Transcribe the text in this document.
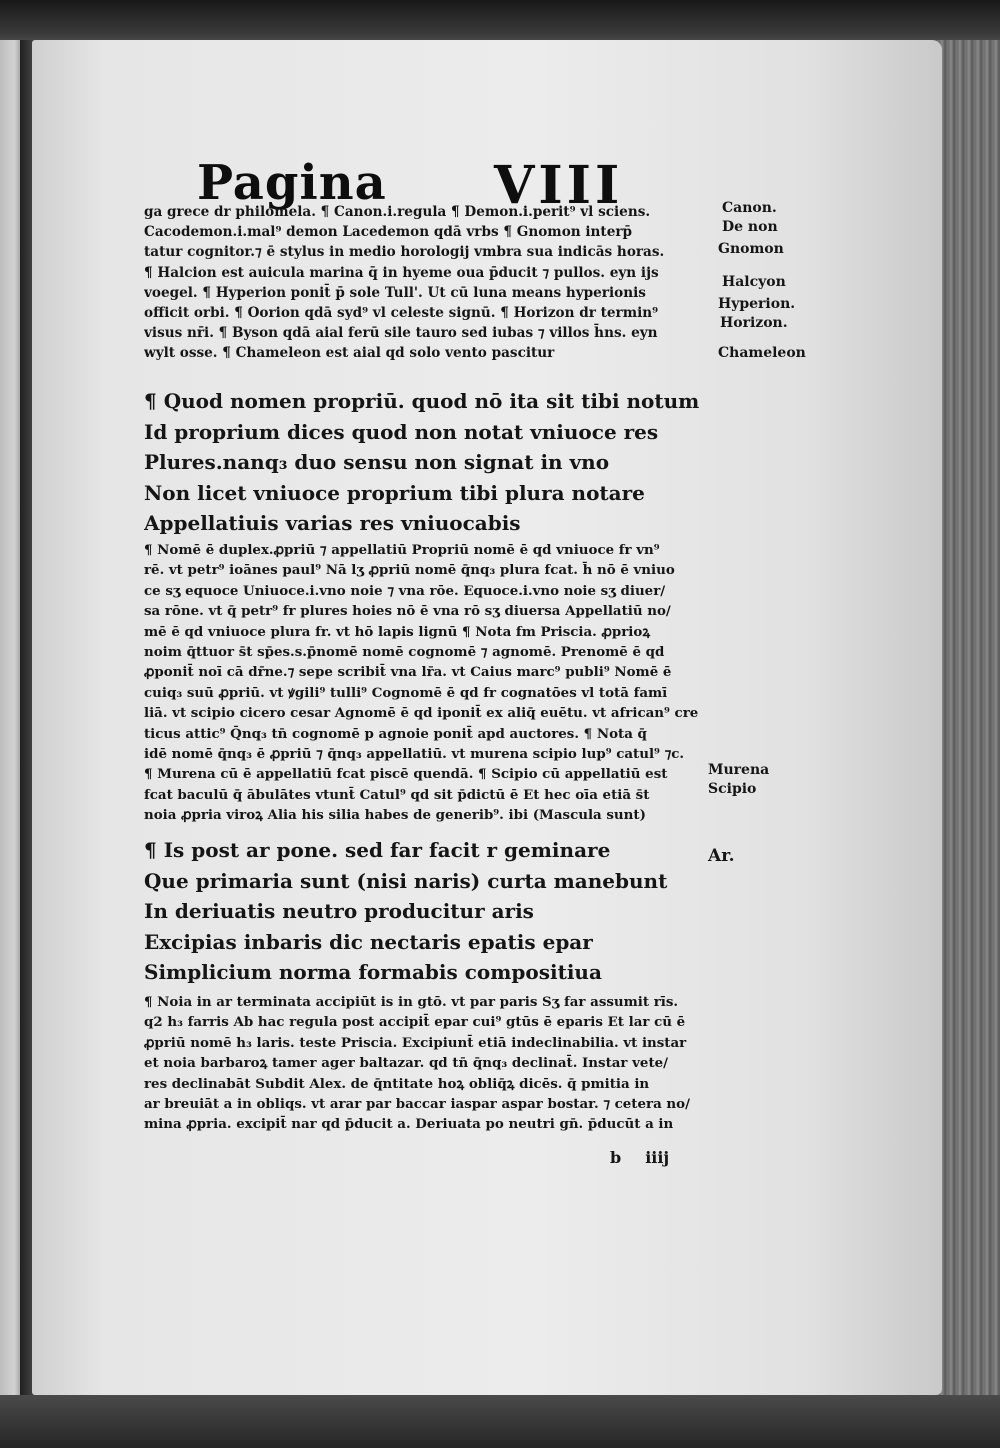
Pagina VIII
ga grece dr philomela. ¶ Canon.i.regula ¶ Demon.i.perit⁹ vl sciens.
Cacodemon.i.mal⁹ demon Lacedemon qdā vrbs ¶ Gnomon interp̄
tatur cognitor.⁊ ē stylus in medio horologij vmbra sua indicās horas.
¶ Halcion est auicula marina q̄ in hyeme oua p̄ducit ⁊ pullos. eyn ijs
voegel. ¶ Hyperion ponit̄ p̄ sole Tull'. Ut cū luna means hyperionis
officit orbi. ¶ Oorion qdā syd⁹ vl celeste signū. ¶ Horizon dr termin⁹
visus nr̄i. ¶ Byson qdā aial ferū sile tauro sed iubas ⁊ villos h̄ns. eyn
wylt osse. ¶ Chameleon est aial qd solo vento pascitur
¶ Quod nomen propriū. quod nō ita sit tibi notum
Id proprium dices quod non notat vniuoce res
Plures.nanq₃ duo sensu non signat in vno
Non licet vniuoce proprium tibi plura notare
Appellatiuis varias res vniuocabis
¶ Nomē ē duplex.ꝓpriū ⁊ appellatiū Propriū nomē ē qd vniuoce fr vn⁹
rē. vt petr⁹ ioānes paul⁹ Nā lʒ ꝓpriū nomē q̄nq₃ plura fcat. h̄ nō ē vniuo
ce sʒ equoce Uniuoce.i.vno noie ⁊ vna rōe. Equoce.i.vno noie sʒ diuer/
sa rōne. vt q̄ petr⁹ fr plures hoies nō ē vna rō sʒ diuersa Appellatiū no/
mē ē qd vniuoce plura fr. vt hō lapis lignū ¶ Nota fm Priscia. ꝓprioꝝ
noim q̄ttuor s̄t sp̄es.s.p̄nomē nomē cognomē ⁊ agnomē. Prenomē ē qd
ꝓponit̄ noī cā dr̄ne.⁊ sepe scribit̄ vna lr̄a. vt Caius marc⁹ publi⁹ Nomē ē
cuiq₃ suū ꝓpriū. vt ꝟgili⁹ tulli⁹ Cognomē ē qd fr cognatōes vl totā famī
liā. vt scipio cicero cesar Agnomē ē qd iponit̄ ex aliq̄ euētu. vt african⁹ cre
ticus attic⁹ Q̄nq₃ tn̄ cognomē p agnoie ponit̄ apd auctores. ¶ Nota q̄
idē nomē q̄nq₃ ē ꝓpriū ⁊ q̄nq₃ appellatiū. vt murena scipio lup⁹ catul⁹ ⁊c.
¶ Murena cū ē appellatiū fcat piscē quendā. ¶ Scipio cū appellatiū est
fcat baculū q̄ ābulātes vtunt̄ Catul⁹ qd sit p̄dictū ē Et hec oīa etiā s̄t
noia ꝓpria viroꝝ Alia his silia habes de generib⁹. ibi (Mascula sunt)
¶ Is post ar pone. sed far facit r geminare
Que primaria sunt (nisi naris) curta manebunt
In deriuatis neutro producitur aris
Excipias inbaris dic nectaris epatis epar
Simplicium norma formabis compositiua
¶ Noia in ar terminata accipiūt is in gtō. vt par paris Sʒ far assumit rīs.
q2 h₃ farris Ab hac regula post accipit̄ epar cui⁹ gtūs ē eparis Et lar cū ē
ꝓpriū nomē h₃ laris. teste Priscia. Excipiunt̄ etiā indeclinabilia. vt instar
et noia barbaroꝝ tamer ager baltazar. qd tn̄ q̄nq₃ declinat̄. Instar vete/
res declinabāt Subdit Alex. de q̄ntitate hoꝝ obliq̄ꝝ dicēs. q̄ pmitia in
ar breuiāt a in obliqs. vt arar par baccar iaspar aspar bostar. ⁊ cetera no/
mina ꝓpria. excipit̄ nar qd p̄ducit a. Deriuata po neutri gn̄. p̄ducūt a in
b iiij
Canon.
De non
Gnomon
Halcyon
Hyperion.
Horizon.
Chameleon
Murena
Scipio
Ar.
